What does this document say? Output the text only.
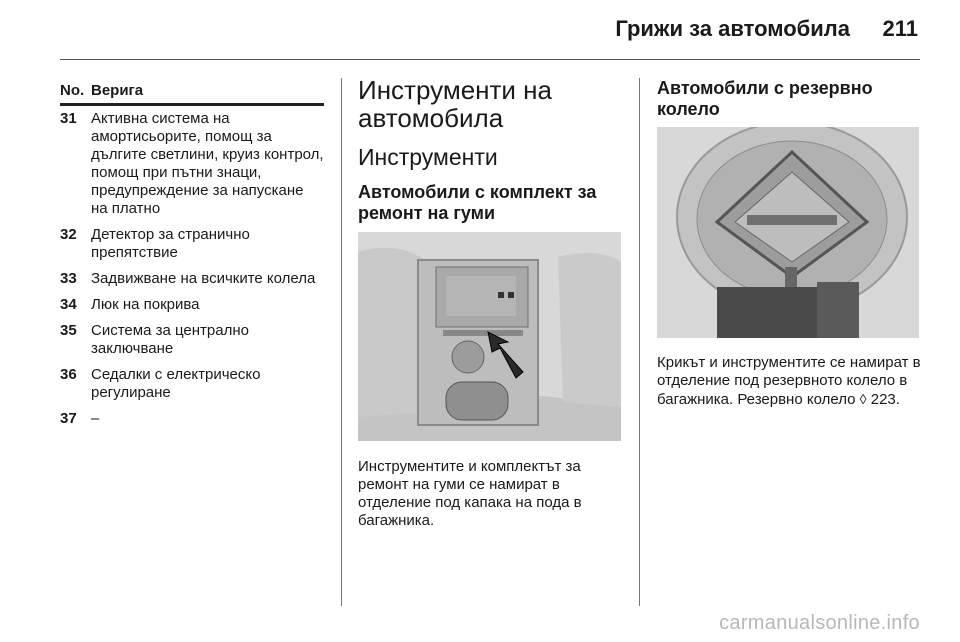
Грижи за автомобила	211
No. Верига
31 Активна система на амортисьорите, помощ за дългите светлини, круиз контрол, помощ при пътни знаци, предупреждение за напускане на платно
32 Детектор за странично препятствие
33 Задвижване на всичките колела
34 Люк на покрива
35 Система за централно заключване
36 Седалки с електрическо регулиране
37 –
Инструменти на автомобила
Инструменти
Автомобили с комплект за ремонт на гуми

Инструментите и комплектът за ремонт на гуми се намират в отделение под капака на пода в багажника.

Автомобили с резервно колело

Крикът и инструментите се намират в отделение под резервното колело в багажника. Резервно колело ◊ 223.

carmanualsonline.info
